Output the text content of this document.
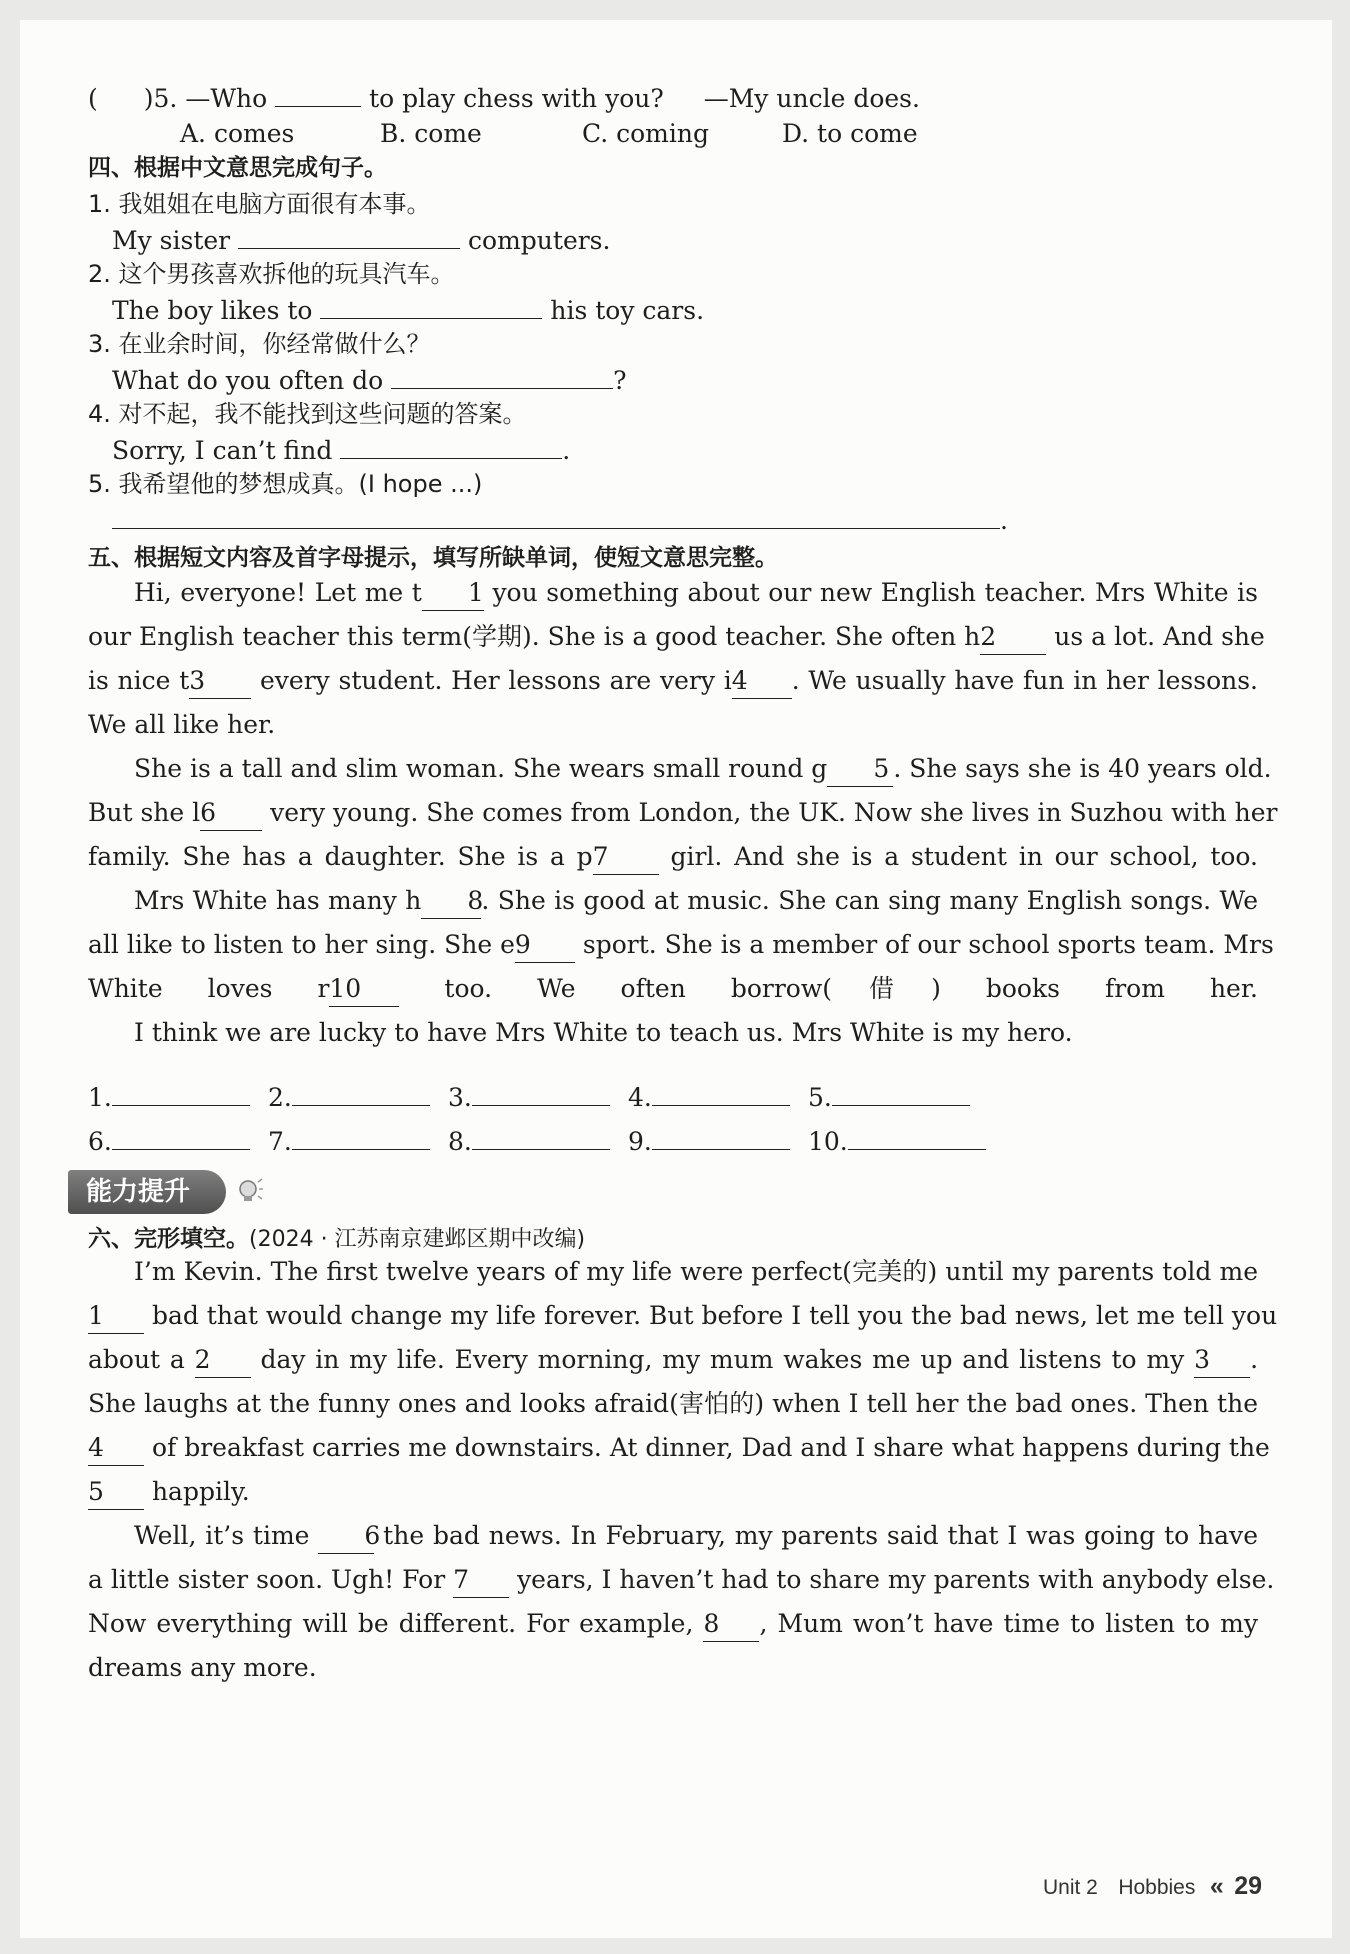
( )5. —Who	to play chess with you? —My uncle does.
A. comes	B. come	C. coming	D. to come
四、根据中文意思完成句子。
1. 我姐姐在电脑方面很有本事。
My sister	computers.
2. 这个男孩喜欢拆他的玩具汽车。
The boy likes to	his toy cars.
3. 在业余时间，你经常做什么？
What do you often do	?
4. 对不起，我不能找到这些问题的答案。
Sorry, I can’t find	.
5. 我希望他的梦想成真。(I hope ...)
.
五、根据短文内容及首字母提示，填写所缺单词，使短文意思完整。
Hi, everyone! Let me t 1 you something about our new English teacher. Mrs White is
our English teacher this term(学期). She is a good teacher. She often h2 us a lot. And she
is nice t3 every student. Her lessons are very i4 . We usually have fun in her lessons.
We all like her.
She is a tall and slim woman. She wears small round g 5 . She says she is 40 years old.
But she l6 very young. She comes from London, the UK. Now she lives in Suzhou with her
family. She has a daughter. She is a p7 girl. And she is a student in our school, too.
Mrs White has many h 8. She is good at music. She can sing many English songs. We
all like to listen to her sing. She e9 sport. She is a member of our school sports team. Mrs
White loves r10	too. We often borrow(借) books from her.
I think we are lucky to have Mrs White to teach us. Mrs White is my hero.
1.	2.	3.	4.	5.
6.	7.	8.	9.	10.
能力提升
六、完形填空。(2024 · 江苏南京建邺区期中改编)
I’m Kevin. The first twelve years of my life were perfect(完美的) until my parents told me
1 bad that would change my life forever. But before I tell you the bad news, let me tell you
about a 2 day in my life. Every morning, my mum wakes me up and listens to my 3 .
She laughs at the funny ones and looks afraid(害怕的) when I tell her the bad ones. Then the
4 of breakfast carries me downstairs. At dinner, Dad and I share what happens during the
5 happily.
Well, it’s time 6 the bad news. In February, my parents said that I was going to have
a little sister soon. Ugh! For 7 years, I haven’t had to share my parents with anybody else.
Now everything will be different. For example, 8 , Mum won’t have time to listen to my
dreams any more.
Unit 2 Hobbies « 29
